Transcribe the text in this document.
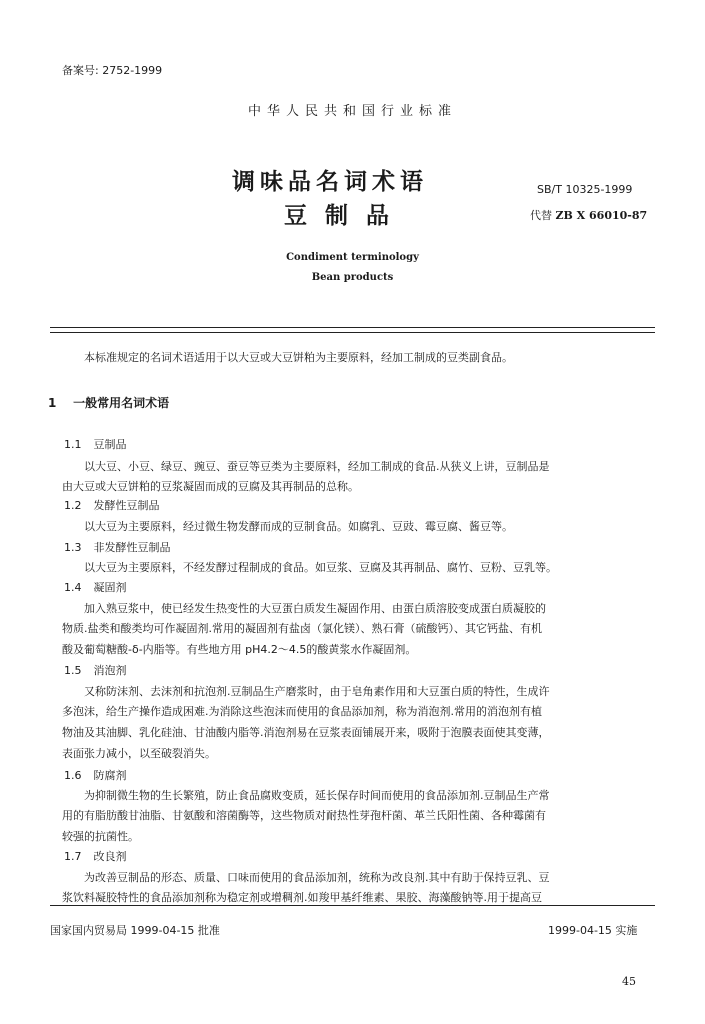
备案号: 2752-1999
中华人民共和国行业标准
调味品名词术语
豆制品
SB/T 10325-1999
代替 ZB X 66010-87
Condiment terminology
Bean products
本标准规定的名词术语适用于以大豆或大豆饼粕为主要原料，经加工制成的豆类副食品。
1 一般常用名词术语
1.1 豆制品
以大豆、小豆、绿豆、豌豆、蚕豆等豆类为主要原料，经加工制成的食品.从狭义上讲，豆制品是
由大豆或大豆饼粕的豆浆凝固而成的豆腐及其再制品的总称。
1.2 发酵性豆制品
以大豆为主要原料，经过微生物发酵而成的豆制食品。如腐乳、豆豉、霉豆腐、酱豆等。
1.3 非发酵性豆制品
以大豆为主要原料，不经发酵过程制成的食品。如豆浆、豆腐及其再制品、腐竹、豆粉、豆乳等。
1.4 凝固剂
加入熟豆浆中，使已经发生热变性的大豆蛋白质发生凝固作用、由蛋白质溶胶变成蛋白质凝胶的
物质.盐类和酸类均可作凝固剂.常用的凝固剂有盐卤（氯化镁）、熟石膏（硫酸钙）、其它钙盐、有机
酸及葡萄糖酸-δ-内脂等。有些地方用 pH4.2～4.5的酸黄浆水作凝固剂。
1.5 消泡剂
又称防沫剂、去沫剂和抗泡剂.豆制品生产磨浆时，由于皂角素作用和大豆蛋白质的特性，生成许
多泡沫，给生产操作造成困难.为消除这些泡沫而使用的食品添加剂，称为消泡剂.常用的消泡剂有植
物油及其油脚、乳化硅油、甘油酸内脂等.消泡剂易在豆浆表面铺展开来，吸附于泡膜表面使其变薄，
表面张力减小，以至破裂消失。
1.6 防腐剂
为抑制微生物的生长繁殖，防止食品腐败变质，延长保存时间而使用的食品添加剂.豆制品生产常
用的有脂肪酸甘油脂、甘氨酸和溶菌酶等，这些物质对耐热性芽孢杆菌、革兰氏阳性菌、各种霉菌有
较强的抗菌性。
1.7 改良剂
为改善豆制品的形态、质量、口味而使用的食品添加剂，统称为改良剂.其中有助于保持豆乳、豆
浆饮料凝胶特性的食品添加剂称为稳定剂或增稠剂.如羧甲基纤维素、果胶、海藻酸钠等.用于提高豆
国家国内贸易局 1999-04-15 批准	1999-04-15 实施
45
